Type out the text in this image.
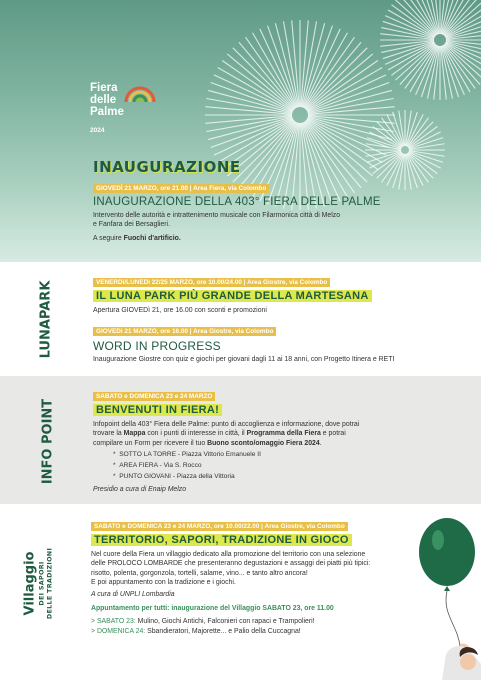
Fiera
delle
Palme
2024
INAUGURAZIONE
GIOVEDÌ 21 MARZO, ore 21.00 | Area Fiera, via Colombo
INAUGURAZIONE DELLA 403° FIERA DELLE PALME
Intervento delle autorità e intrattenimento musicale con Filarmonica città di Melzo
e Fanfara dei Bersaglieri.
A seguire Fuochi d'artificio.
LUNAPARK	VENERDì/LUNEDì 22/25 MARZO, ore 10.00/24.00 | Area Giostre, via Colombo
IL LUNA PARK PIÙ GRANDE DELLA MARTESANA
Apertura GIOVEDì 21, ore 16.00 con sconti e promozioni
GIOVEDì 21 MARZO, ore 16.00 | Area Giostre, via Colombo
WORD IN PROGRESS
Inaugurazione Giostre con quiz e giochi per giovani dagli 11 ai 18 anni, con Progetto Itinera e RETI
INFO POINT
SABATO e DOMENICA 23 e 24 MARZO
BENVENUTI IN FIERA!
Infopoint della 403° Fiera delle Palme: punto di accoglienza e informazione, dove potrai
trovare la Mappa con i punti di interesse in città, il Programma della Fiera e potrai
compilare un Form per ricevere il tuo Buono sconto/omaggio Fiera 2024.
*  SOTTO LA TORRE - Piazza Vittorio Emanuele II
*  AREA FIERA - Via S. Rocco
*  PUNTO GIOVANI - Piazza della Vittoria
Presidio a cura di Enaip Melzo
Villaggio DEI SAPORI DELLE TRADIZIONI
SABATO e DOMENICA 23 e 24 MARZO, ore 10.00/22.00 | Area Giostre, via Colombo
TERRITORIO, SAPORI, TRADIZIONE IN GIOCO
Nel cuore della Fiera un villaggio dedicato alla promozione del territorio con una selezione
delle PROLOCO LOMBARDE che presenteranno degustazioni e assaggi dei piatti più tipici:
risotto, polenta, gorgonzola, tortelli, salame, vino... e tanto altro ancora!
E poi appuntamento con la tradizione e i giochi.
A cura di UNPLI Lombardia
Appuntamento per tutti: inaugurazione del Villaggio SABATO 23, ore 11.00
> SABATO 23: Mulino, Giochi Antichi, Falconieri con rapaci e Trampolieri!
> DOMENICA 24: Sbandieratori, Majorette... e Palio della Cuccagna!
